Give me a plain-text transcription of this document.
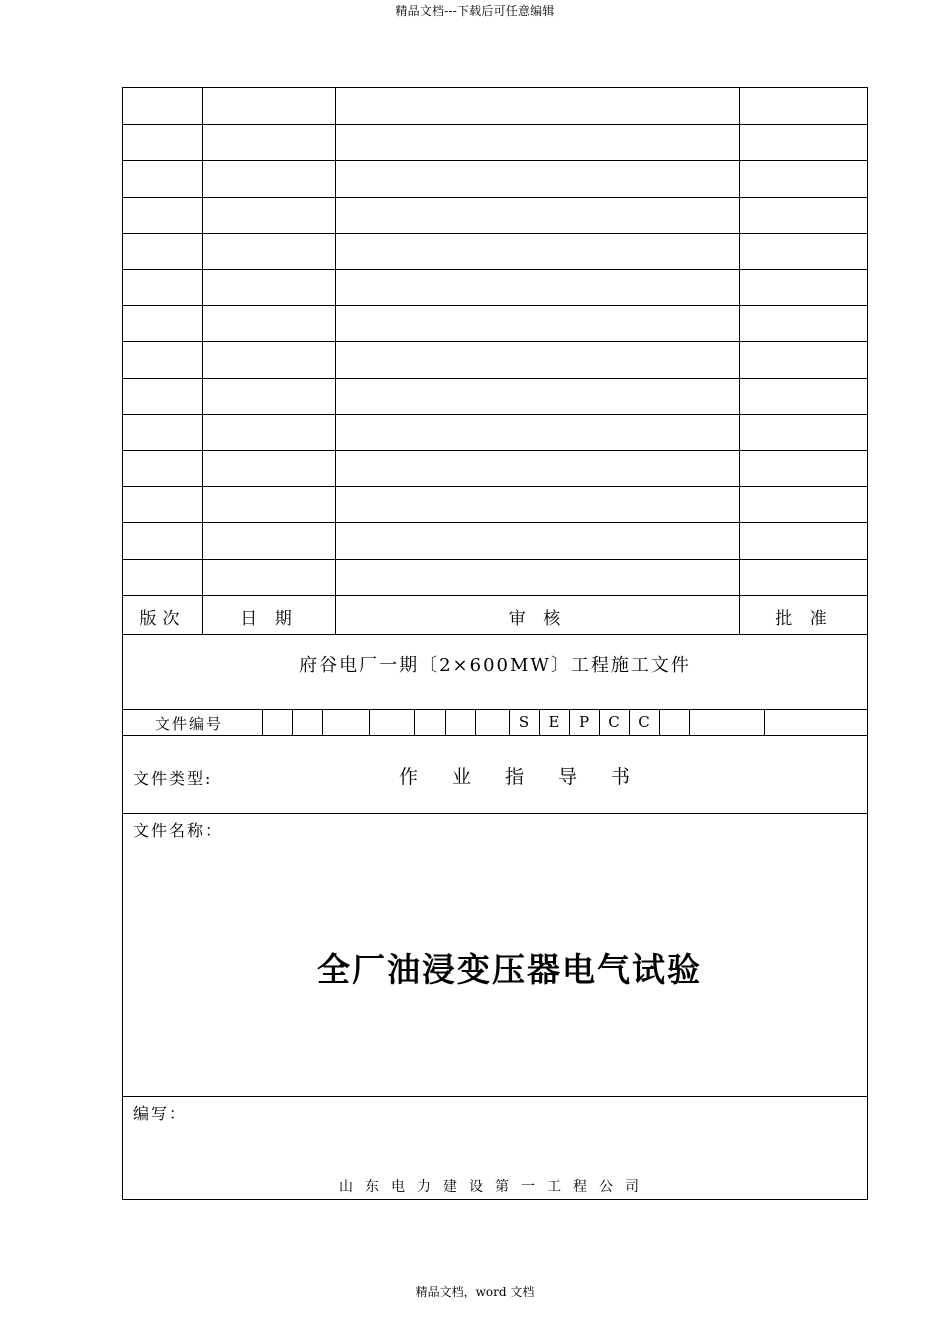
精品文档---下载后可任意编辑
版次	日 期	审 核	批 准
府谷电厂一期〔2×600MW〕工程施工文件
文件编号	S	E	P	C	C
文件类型:	作业指导书
文件名称：
全厂油浸变压器电气试验
编写：
山东电力建设第一工程公司
精品文档，word 文档
